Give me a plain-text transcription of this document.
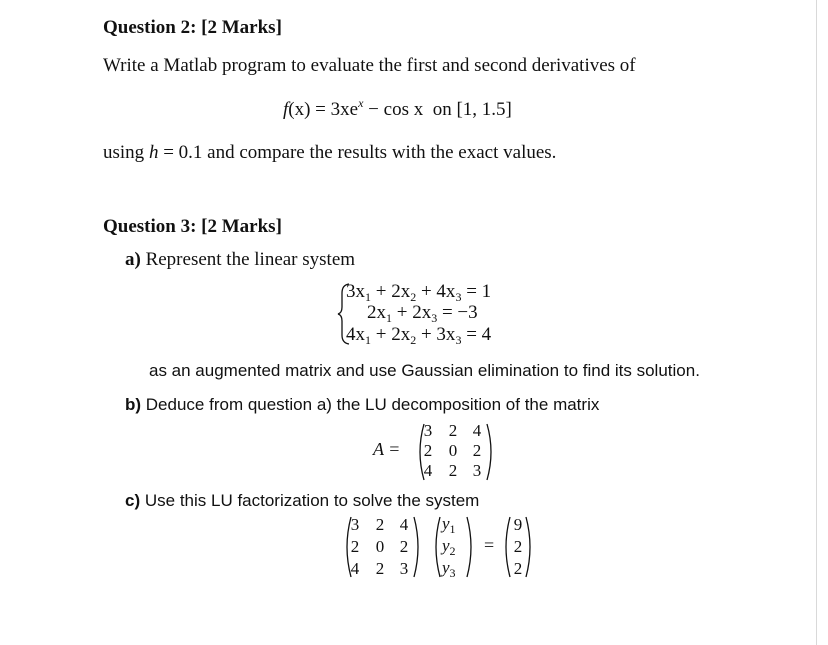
Question 2: [2 Marks]
Write a Matlab program to evaluate the first and second derivatives of
$f(x) = 3xe^x - \cos x$ on [1, 1.5]
using h = 0.1 and compare the results with the exact values.
Question 3: [2 Marks]
a) Represent the linear system
$3x_1 + 2x_2 + 4x_3 = 1$
$2x_1 + 2x_3 = -3$
$4x_1 + 2x_2 + 3x_3 = 4$
as an augmented matrix and use Gaussian elimination to find its solution.
b) Deduce from question a) the LU decomposition of the matrix
A =
3 2 4
2 0 2
4 2 3
c) Use this LU factorization to solve the system
3 2 4
2 0 2
4 2 3
$y_1$
$y_2$
$y_3$
=
9
2
2
